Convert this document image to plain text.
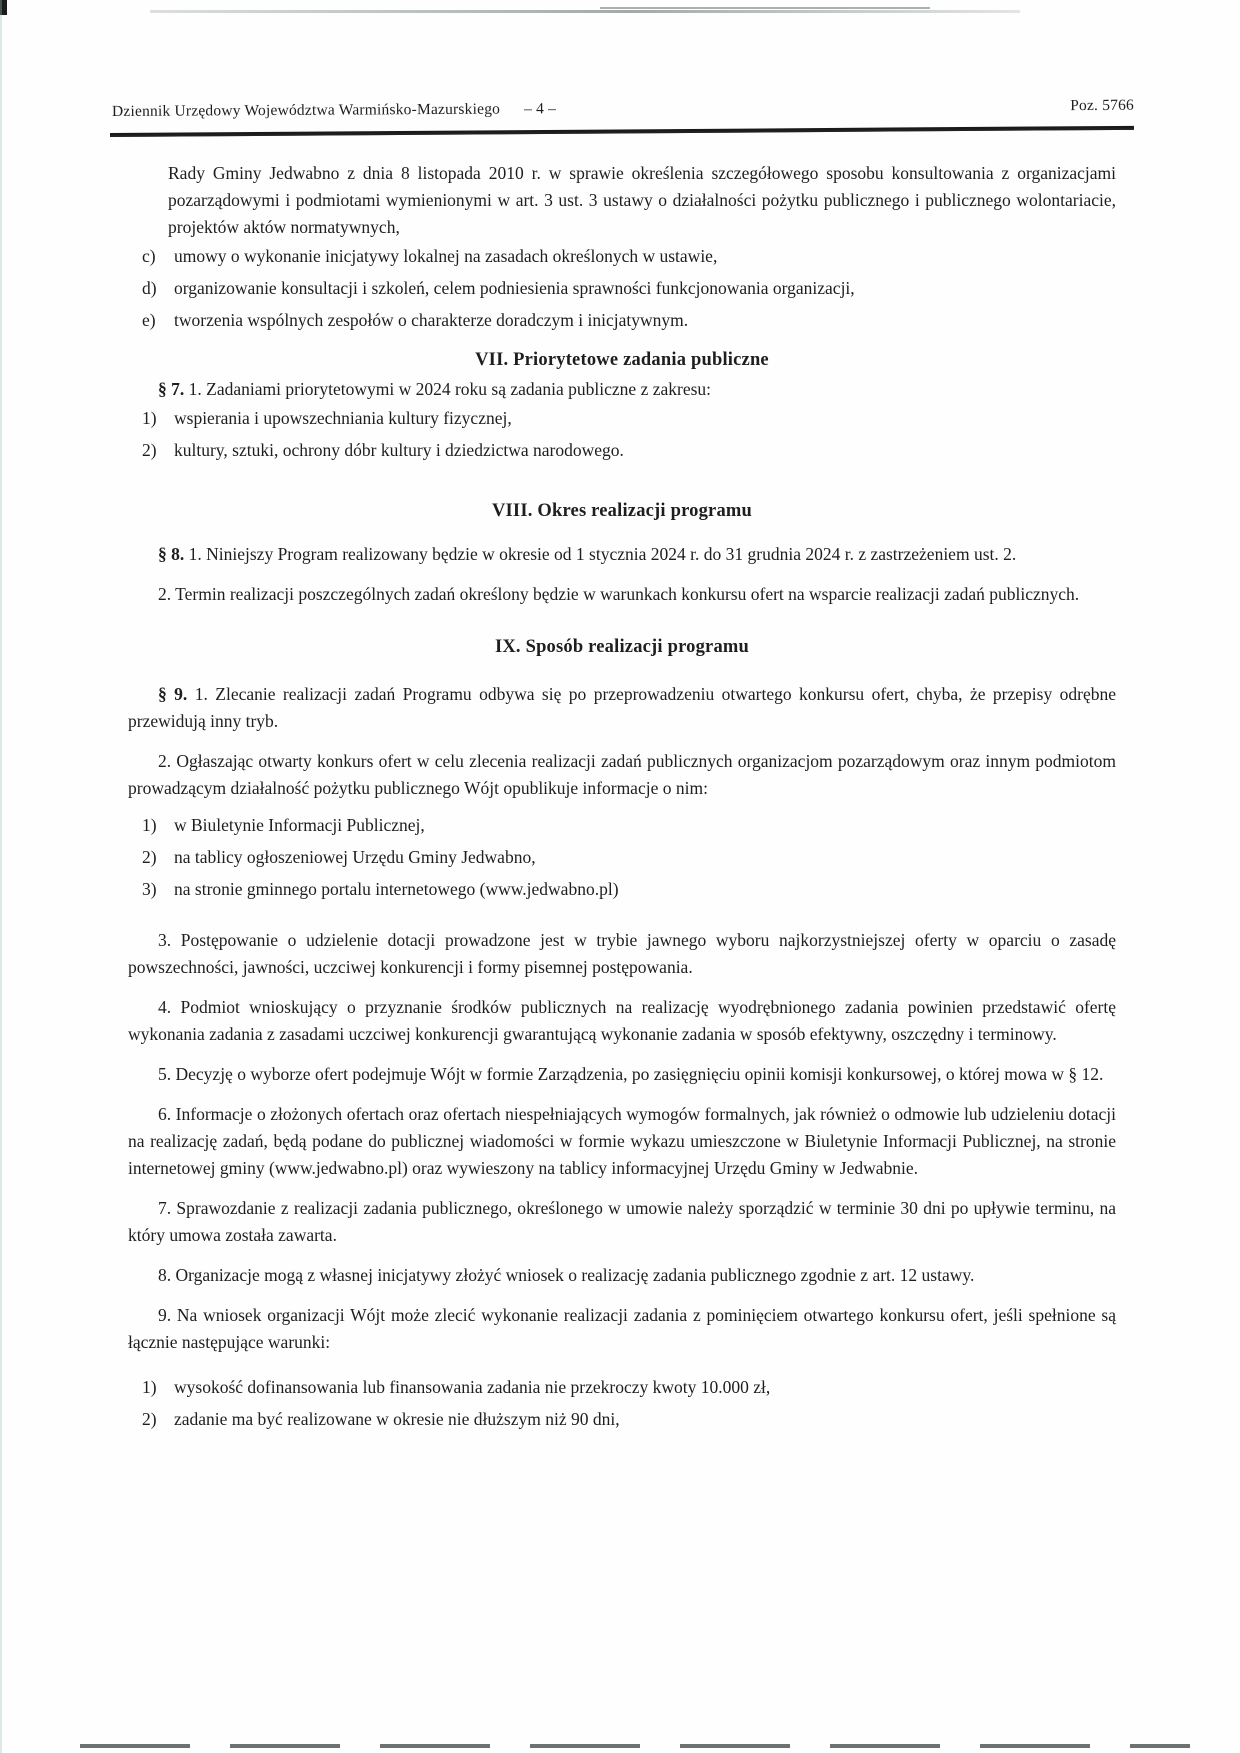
Dziennik Urzędowy Województwa Warmińsko-Mazurskiego – 4 –	Poz. 5766

Rady Gminy Jedwabno z dnia 8 listopada 2010 r. w sprawie określenia szczegółowego sposobu konsultowania z organizacjami pozarządowymi i podmiotami wymienionymi w art. 3 ust. 3 ustawy o działalności pożytku publicznego i publicznego wolontariacie, projektów aktów normatywnych,

c)	umowy o wykonanie inicjatywy lokalnej na zasadach określonych w ustawie,
d) organizowanie konsultacji i szkoleń, celem podniesienia sprawności funkcjonowania organizacji,
e)	tworzenia wspólnych zespołów o charakterze doradczym i inicjatywnym.
VII. Priorytetowe zadania publiczne

§ 7. 1. Zadaniami priorytetowymi w 2024 roku są zadania publiczne z zakresu:

1) wspierania i upowszechniania kultury fizycznej,
2) kultury, sztuki, ochrony dóbr kultury i dziedzictwa narodowego.
VIII. Okres realizacji programu

§ 8. 1. Niniejszy Program realizowany będzie w okresie od 1 stycznia 2024 r. do 31 grudnia 2024 r. z zastrzeżeniem ust. 2.

2. Termin realizacji poszczególnych zadań określony będzie w warunkach konkursu ofert na wsparcie realizacji zadań publicznych.

IX. Sposób realizacji programu

§ 9. 1. Zlecanie realizacji zadań Programu odbywa się po przeprowadzeniu otwartego konkursu ofert, chyba, że przepisy odrębne przewidują inny tryb.

2. Ogłaszając otwarty konkurs ofert w celu zlecenia realizacji zadań publicznych organizacjom pozarządowym oraz innym podmiotom prowadzącym działalność pożytku publicznego Wójt opublikuje informacje o nim:

1) w Biuletynie Informacji Publicznej,
2) na tablicy ogłoszeniowej Urzędu Gminy Jedwabno,
3) na stronie gminnego portalu internetowego (www.jedwabno.pl)

3. Postępowanie o udzielenie dotacji prowadzone jest w trybie jawnego wyboru najkorzystniejszej oferty w oparciu o zasadę powszechności, jawności, uczciwej konkurencji i formy pisemnej postępowania.

4. Podmiot wnioskujący o przyznanie środków publicznych na realizację wyodrębnionego zadania powinien przedstawić ofertę wykonania zadania z zasadami uczciwej konkurencji gwarantującą wykonanie zadania w sposób efektywny, oszczędny i terminowy.

5. Decyzję o wyborze ofert podejmuje Wójt w formie Zarządzenia, po zasięgnięciu opinii komisji konkursowej, o której mowa w § 12.

6. Informacje o złożonych ofertach oraz ofertach niespełniających wymogów formalnych, jak również o odmowie lub udzieleniu dotacji na realizację zadań, będą podane do publicznej wiadomości w formie wykazu umieszczone w Biuletynie Informacji Publicznej, na stronie internetowej gminy (www.jedwabno.pl) oraz wywieszony na tablicy informacyjnej Urzędu Gminy w Jedwabnie.

7. Sprawozdanie z realizacji zadania publicznego, określonego w umowie należy sporządzić w terminie 30 dni po upływie terminu, na który umowa została zawarta.

8. Organizacje mogą z własnej inicjatywy złożyć wniosek o realizację zadania publicznego zgodnie z art. 12 ustawy.

9. Na wniosek organizacji Wójt może zlecić wykonanie realizacji zadania z pominięciem otwartego konkursu ofert, jeśli spełnione są łącznie następujące warunki:

1) wysokość dofinansowania lub finansowania zadania nie przekroczy kwoty 10.000 zł,
2) zadanie ma być realizowane w okresie nie dłuższym niż 90 dni,
